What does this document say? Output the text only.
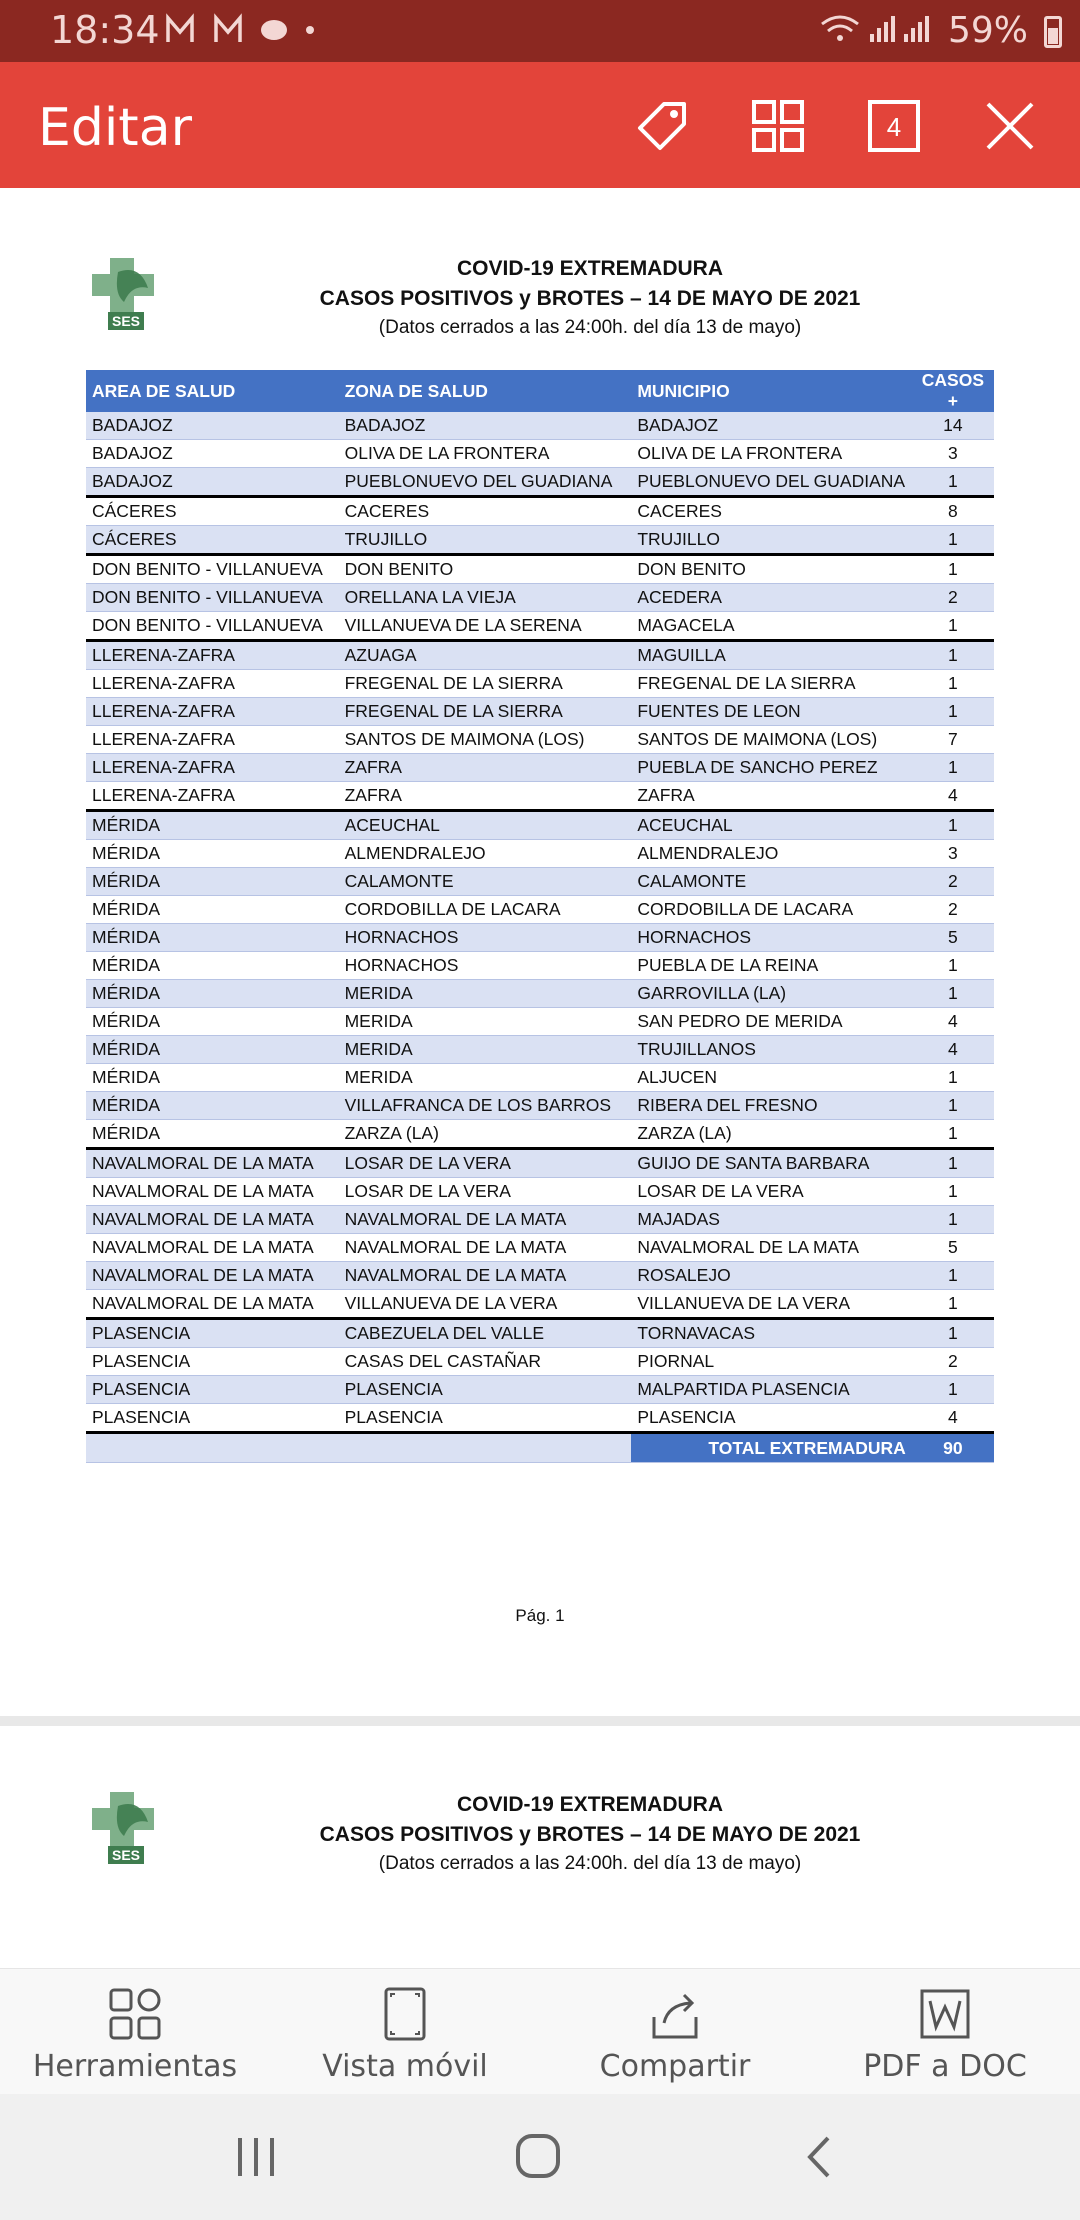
18:34	59%
Editar	4
SES
COVID-19 EXTREMADURA
CASOS POSITIVOS y BROTES – 14 DE MAYO DE 2021
(Datos cerrados a las 24:00h. del día 13 de mayo)
AREA DE SALUD	ZONA DE SALUD	MUNICIPIO	CASOS +
BADAJOZ	BADAJOZ	BADAJOZ	14
BADAJOZ	OLIVA DE LA FRONTERA	OLIVA DE LA FRONTERA	3
BADAJOZ	PUEBLONUEVO DEL GUADIANA	PUEBLONUEVO DEL GUADIANA	1
CÁCERES	CACERES	CACERES	8
CÁCERES	TRUJILLO	TRUJILLO	1
DON BENITO - VILLANUEVA	DON BENITO	DON BENITO	1
DON BENITO - VILLANUEVA	ORELLANA LA VIEJA	ACEDERA	2
DON BENITO - VILLANUEVA	VILLANUEVA DE LA SERENA	MAGACELA	1
LLERENA-ZAFRA	AZUAGA	MAGUILLA	1
LLERENA-ZAFRA	FREGENAL DE LA SIERRA	FREGENAL DE LA SIERRA	1
LLERENA-ZAFRA	FREGENAL DE LA SIERRA	FUENTES DE LEON	1
LLERENA-ZAFRA	SANTOS DE MAIMONA (LOS)	SANTOS DE MAIMONA (LOS)	7
LLERENA-ZAFRA	ZAFRA	PUEBLA DE SANCHO PEREZ	1
LLERENA-ZAFRA	ZAFRA	ZAFRA	4
MÉRIDA	ACEUCHAL	ACEUCHAL	1
MÉRIDA	ALMENDRALEJO	ALMENDRALEJO	3
MÉRIDA	CALAMONTE	CALAMONTE	2
MÉRIDA	CORDOBILLA DE LACARA	CORDOBILLA DE LACARA	2
MÉRIDA	HORNACHOS	HORNACHOS	5
MÉRIDA	HORNACHOS	PUEBLA DE LA REINA	1
MÉRIDA	MERIDA	GARROVILLA (LA)	1
MÉRIDA	MERIDA	SAN PEDRO DE MERIDA	4
MÉRIDA	MERIDA	TRUJILLANOS	4
MÉRIDA	MERIDA	ALJUCEN	1
MÉRIDA	VILLAFRANCA DE LOS BARROS	RIBERA DEL FRESNO	1
MÉRIDA	ZARZA (LA)	ZARZA (LA)	1
NAVALMORAL DE LA MATA	LOSAR DE LA VERA	GUIJO DE SANTA BARBARA	1
NAVALMORAL DE LA MATA	LOSAR DE LA VERA	LOSAR DE LA VERA	1
NAVALMORAL DE LA MATA	NAVALMORAL DE LA MATA	MAJADAS	1
NAVALMORAL DE LA MATA	NAVALMORAL DE LA MATA	NAVALMORAL DE LA MATA	5
NAVALMORAL DE LA MATA	NAVALMORAL DE LA MATA	ROSALEJO	1
NAVALMORAL DE LA MATA	VILLANUEVA DE LA VERA	VILLANUEVA DE LA VERA	1
PLASENCIA	CABEZUELA DEL VALLE	TORNAVACAS	1
PLASENCIA	CASAS DEL CASTAÑAR	PIORNAL	2
PLASENCIA	PLASENCIA	MALPARTIDA PLASENCIA	1
PLASENCIA	PLASENCIA	PLASENCIA	4
		TOTAL EXTREMADURA	90
Pág. 1
SES
COVID-19 EXTREMADURA
CASOS POSITIVOS y BROTES – 14 DE MAYO DE 2021
(Datos cerrados a las 24:00h. del día 13 de mayo)
Herramientas	Vista móvil	Compartir	PDF a DOC
